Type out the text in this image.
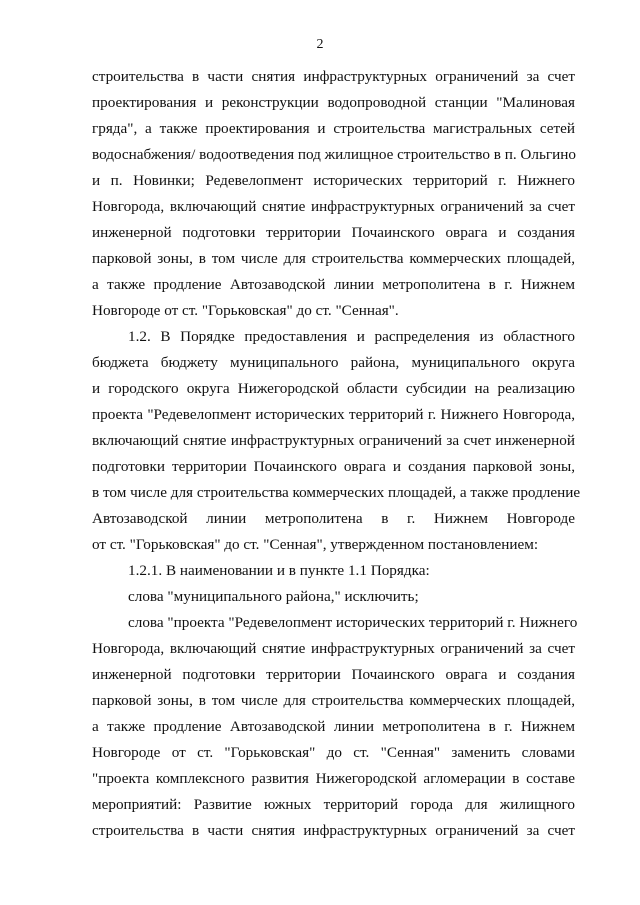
2
строительства в части снятия инфраструктурных ограничений за счет
проектирования и реконструкции водопроводной станции "Малиновая
гряда", а также проектирования и строительства магистральных сетей
водоснабжения/ водоотведения под жилищное строительство в п. Ольгино
и п. Новинки; Редевелопмент исторических территорий г. Нижнего
Новгорода, включающий снятие инфраструктурных ограничений за счет
инженерной подготовки территории Почаинского оврага и создания
парковой зоны, в том числе для строительства коммерческих площадей,
а также продление Автозаводской линии метрополитена в г. Нижнем
Новгороде от ст. "Горьковская" до ст. "Сенная".
1.2. В Порядке предоставления и распределения из областного
бюджета бюджету муниципального района, муниципального округа
и городского округа Нижегородской области субсидии на реализацию
проекта "Редевелопмент исторических территорий г. Нижнего Новгорода,
включающий снятие инфраструктурных ограничений за счет инженерной
подготовки территории Почаинского оврага и создания парковой зоны,
в том числе для строительства коммерческих площадей, а также продление
Автозаводской линии метрополитена в г. Нижнем Новгороде
от ст. "Горьковская" до ст. "Сенная", утвержденном постановлением:
1.2.1. В наименовании и в пункте 1.1 Порядка:
слова "муниципального района," исключить;
слова "проекта "Редевелопмент исторических территорий г. Нижнего
Новгорода, включающий снятие инфраструктурных ограничений за счет
инженерной подготовки территории Почаинского оврага и создания
парковой зоны, в том числе для строительства коммерческих площадей,
а также продление Автозаводской линии метрополитена в г. Нижнем
Новгороде от ст. "Горьковская" до ст. "Сенная" заменить словами
"проекта комплексного развития Нижегородской агломерации в составе
мероприятий: Развитие южных территорий города для жилищного
строительства в части снятия инфраструктурных ограничений за счет
